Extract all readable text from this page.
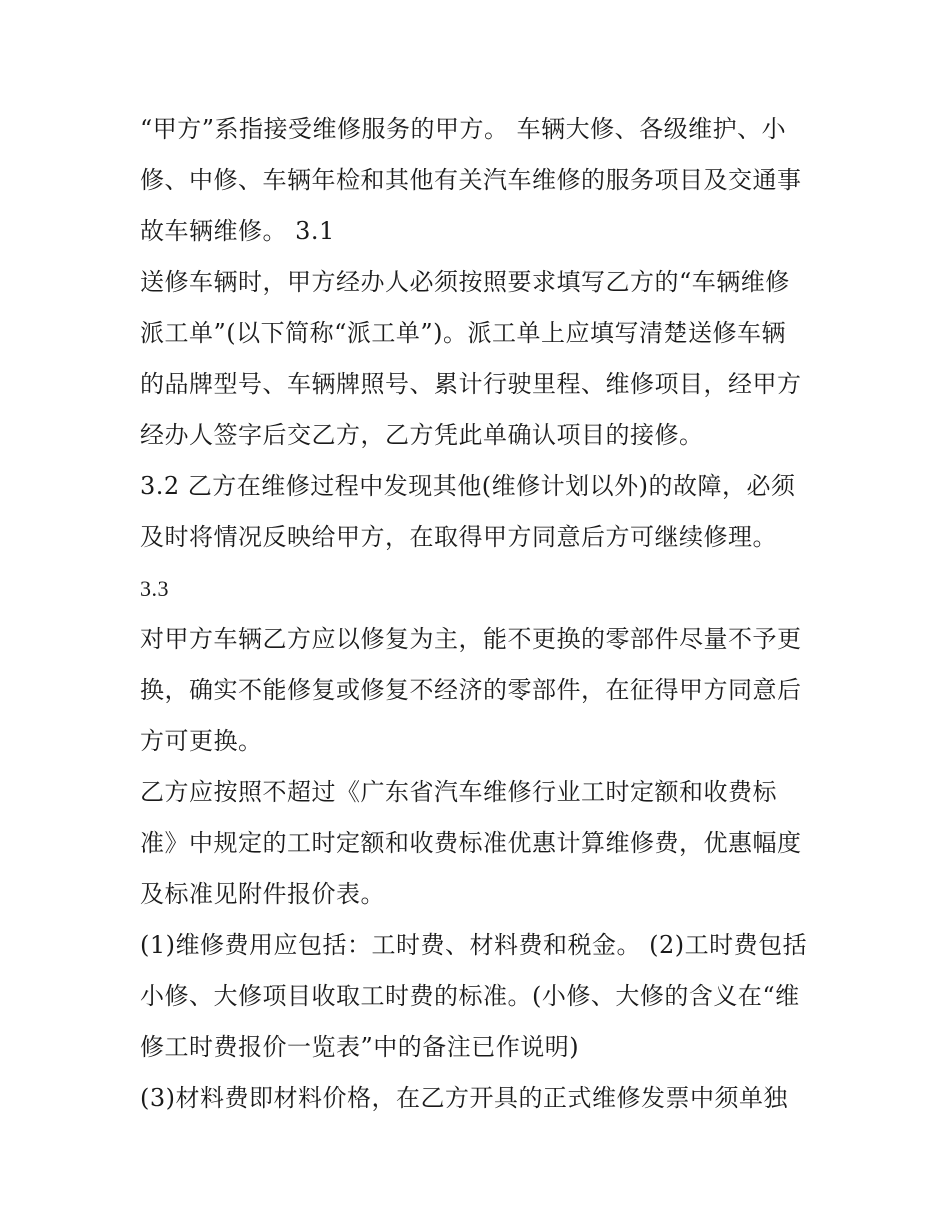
“甲方”系指接受维修服务的甲方。 车辆大修、各级维护、小
修、中修、车辆年检和其他有关汽车维修的服务项目及交通事
故车辆维修。 3.1
送修车辆时，甲方经办人必须按照要求填写乙方的“车辆维修
派工单”(以下简称“派工单”)。派工单上应填写清楚送修车辆
的品牌型号、车辆牌照号、累计行驶里程、维修项目，经甲方
经办人签字后交乙方，乙方凭此单确认项目的接修。
3.2 乙方在维修过程中发现其他(维修计划以外)的故障，必须
及时将情况反映给甲方，在取得甲方同意后方可继续修理。
3.3
对甲方车辆乙方应以修复为主，能不更换的零部件尽量不予更
换，确实不能修复或修复不经济的零部件，在征得甲方同意后
方可更换。
乙方应按照不超过《广东省汽车维修行业工时定额和收费标
准》中规定的工时定额和收费标准优惠计算维修费，优惠幅度
及标准见附件报价表。
(1)维修费用应包括：工时费、材料费和税金。 (2)工时费包括
小修、大修项目收取工时费的标准。(小修、大修的含义在“维
修工时费报价一览表”中的备注已作说明)
(3)材料费即材料价格，在乙方开具的正式维修发票中须单独
